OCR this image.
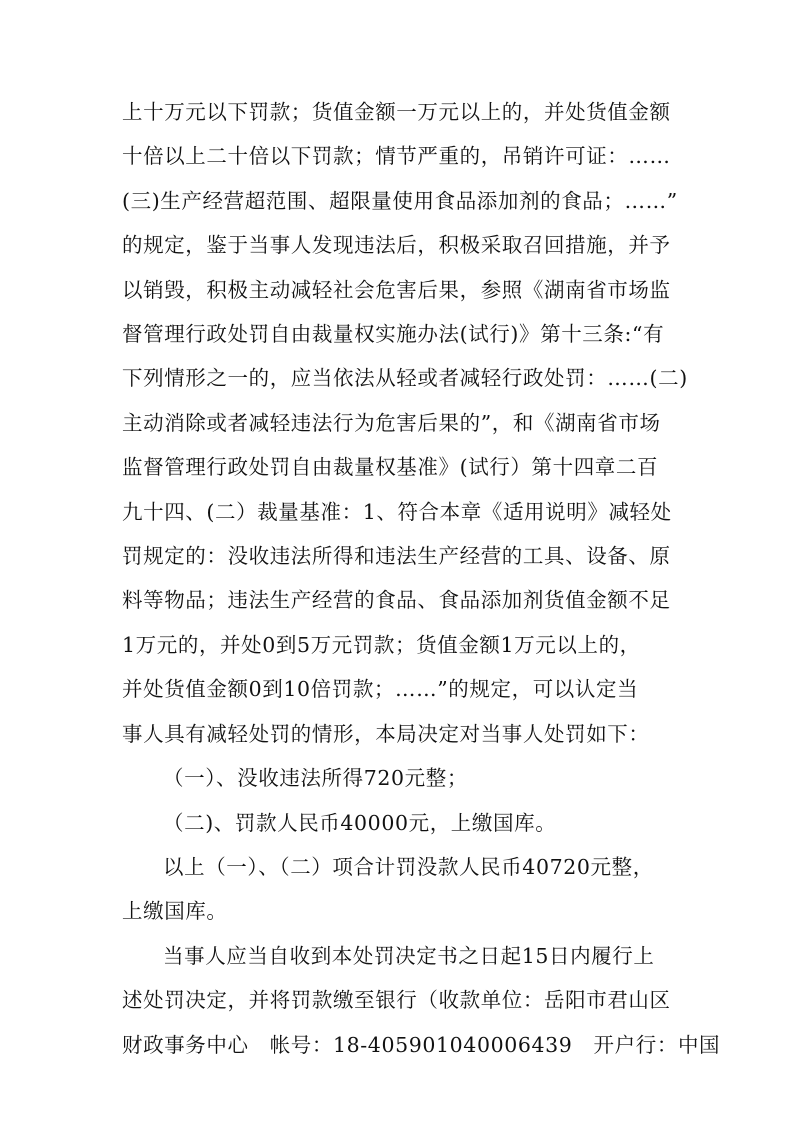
上十万元以下罚款；货值金额一万元以上的，并处货值金额
十倍以上二十倍以下罚款；情节严重的，吊销许可证：……
(三)生产经营超范围、超限量使用食品添加剂的食品；……”
的规定，鉴于当事人发现违法后，积极采取召回措施，并予
以销毁，积极主动减轻社会危害后果，参照《湖南省市场监
督管理行政处罚自由裁量权实施办法(试行)》第十三条:“有
下列情形之一的，应当依法从轻或者减轻行政处罚：……(二)
主动消除或者减轻违法行为危害后果的”，和《湖南省市场
监督管理行政处罚自由裁量权基准》(试行）第十四章二百
九十四、(二）裁量基准：1、符合本章《适用说明》减轻处
罚规定的：没收违法所得和违法生产经营的工具、设备、原
料等物品；违法生产经营的食品、食品添加剂货值金额不足
1万元的，并处0到5万元罚款；货值金额1万元以上的，
并处货值金额0到10倍罚款；……”的规定，可以认定当
事人具有减轻处罚的情形，本局决定对当事人处罚如下：
（一）、没收违法所得720元整；
（二)、罚款人民币40000元，上缴国库。
以上（一）、（二）项合计罚没款人民币40720元整，
上缴国库。
当事人应当自收到本处罚决定书之日起15日内履行上
述处罚决定，并将罚款缴至银行（收款单位：岳阳市君山区
财政事务中心　帐号：18-405901040006439　开户行：中国
